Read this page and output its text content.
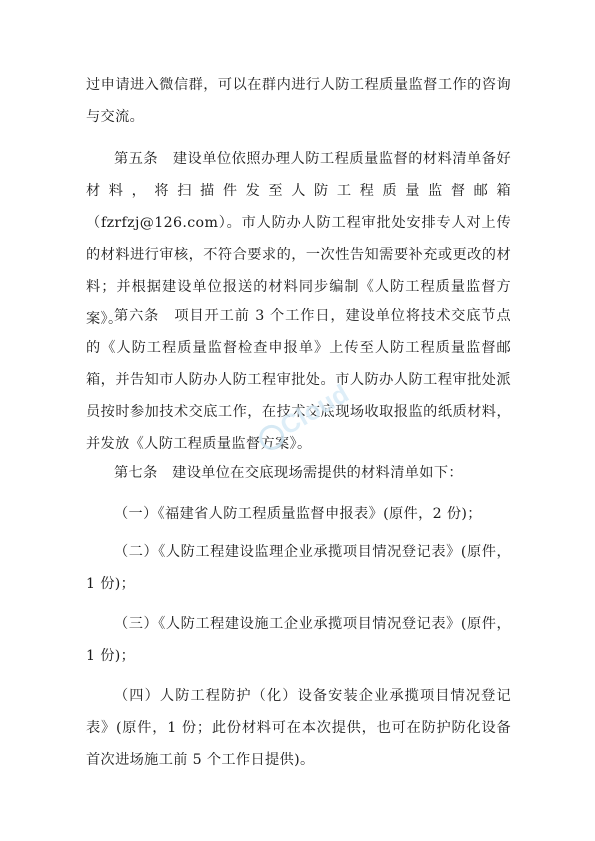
过申请进入微信群，可以在群内进行人防工程质量监督工作的咨询与交流。
第五条　建设单位依照办理人防工程质量监督的材料清单备好材料，将扫描件发至人防工程质量监督邮箱（fzrfzj@126.com）。市人防办人防工程审批处安排专人对上传的材料进行审核，不符合要求的，一次性告知需要补充或更改的材料；并根据建设单位报送的材料同步编制《人防工程质量监督方案》。
第六条　项目开工前 3 个工作日，建设单位将技术交底节点的《人防工程质量监督检查申报单》上传至人防工程质量监督邮箱，并告知市人防办人防工程审批处。市人防办人防工程审批处派员按时参加技术交底工作，在技术交底现场收取报监的纸质材料，并发放《人防工程质量监督方案》。
第七条　建设单位在交底现场需提供的材料清单如下：
（一）《福建省人防工程质量监督申报表》(原件，2 份)；
（二）《人防工程建设监理企业承揽项目情况登记表》(原件，1 份)；
（三）《人防工程建设施工企业承揽项目情况登记表》(原件，1 份)；
（四）人防工程防护（化）设备安装企业承揽项目情况登记表》(原件，1 份；此份材料可在本次提供，也可在防护防化设备首次进场施工前 5 个工作日提供)。
Cloud
